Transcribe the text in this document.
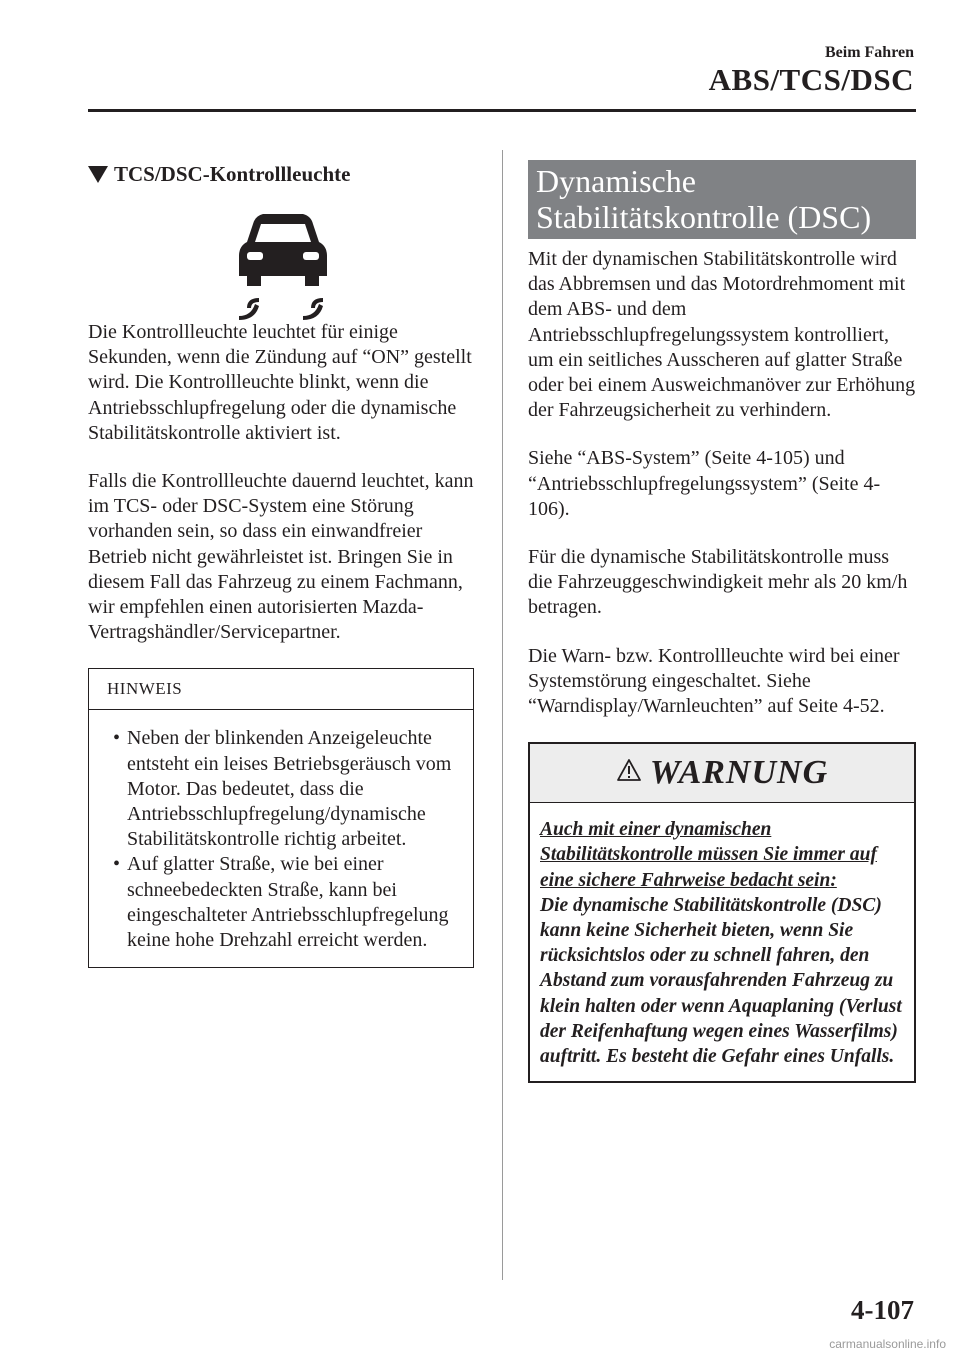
Beim Fahren
ABS/TCS/DSC
TCS/DSC-Kontrollleuchte

Die Kontrollleuchte leuchtet für einige Sekunden, wenn die Zündung auf “ON” gestellt wird. Die Kontrollleuchte blinkt, wenn die Antriebsschlupfregelung oder die dynamische Stabilitätskontrolle aktiviert ist.

Falls die Kontrollleuchte dauernd leuchtet, kann im TCS- oder DSC-System eine Störung vorhanden sein, so dass ein einwandfreier Betrieb nicht gewährleistet ist. Bringen Sie in diesem Fall das Fahrzeug zu einem Fachmann, wir empfehlen einen autorisierten Mazda-Vertragshändler/Servicepartner.

HINWEIS
• Neben der blinkenden Anzeigeleuchte entsteht ein leises Betriebsgeräusch vom Motor. Das bedeutet, dass die Antriebsschlupfregelung/dynamische Stabilitätskontrolle richtig arbeitet.
• Auf glatter Straße, wie bei einer schneebedeckten Straße, kann bei eingeschalteter Antriebsschlupfregelung keine hohe Drehzahl erreicht werden.
Dynamische
Stabilitätskontrolle (DSC)

Mit der dynamischen Stabilitätskontrolle wird das Abbremsen und das Motordrehmoment mit dem ABS- und dem Antriebsschlupfregelungssystem kontrolliert, um ein seitliches Ausscheren auf glatter Straße oder bei einem Ausweichmanöver zur Erhöhung der Fahrzeugsicherheit zu verhindern.

Siehe “ABS-System” (Seite 4-105) und “Antriebsschlupfregelungssystem” (Seite 4-106).

Für die dynamische Stabilitätskontrolle muss die Fahrzeuggeschwindigkeit mehr als 20 km/h betragen.

Die Warn- bzw. Kontrollleuchte wird bei einer Systemstörung eingeschaltet. Siehe “Warndisplay/Warnleuchten” auf Seite 4-52.

WARNUNG
Auch mit einer dynamischen Stabilitätskontrolle müssen Sie immer auf eine sichere Fahrweise bedacht sein:
Die dynamische Stabilitätskontrolle (DSC) kann keine Sicherheit bieten, wenn Sie rücksichtslos oder zu schnell fahren, den Abstand zum vorausfahrenden Fahrzeug zu klein halten oder wenn Aquaplaning (Verlust der Reifenhaftung wegen eines Wasserfilms) auftritt. Es besteht die Gefahr eines Unfalls.
4-107
carmanualsonline.info
